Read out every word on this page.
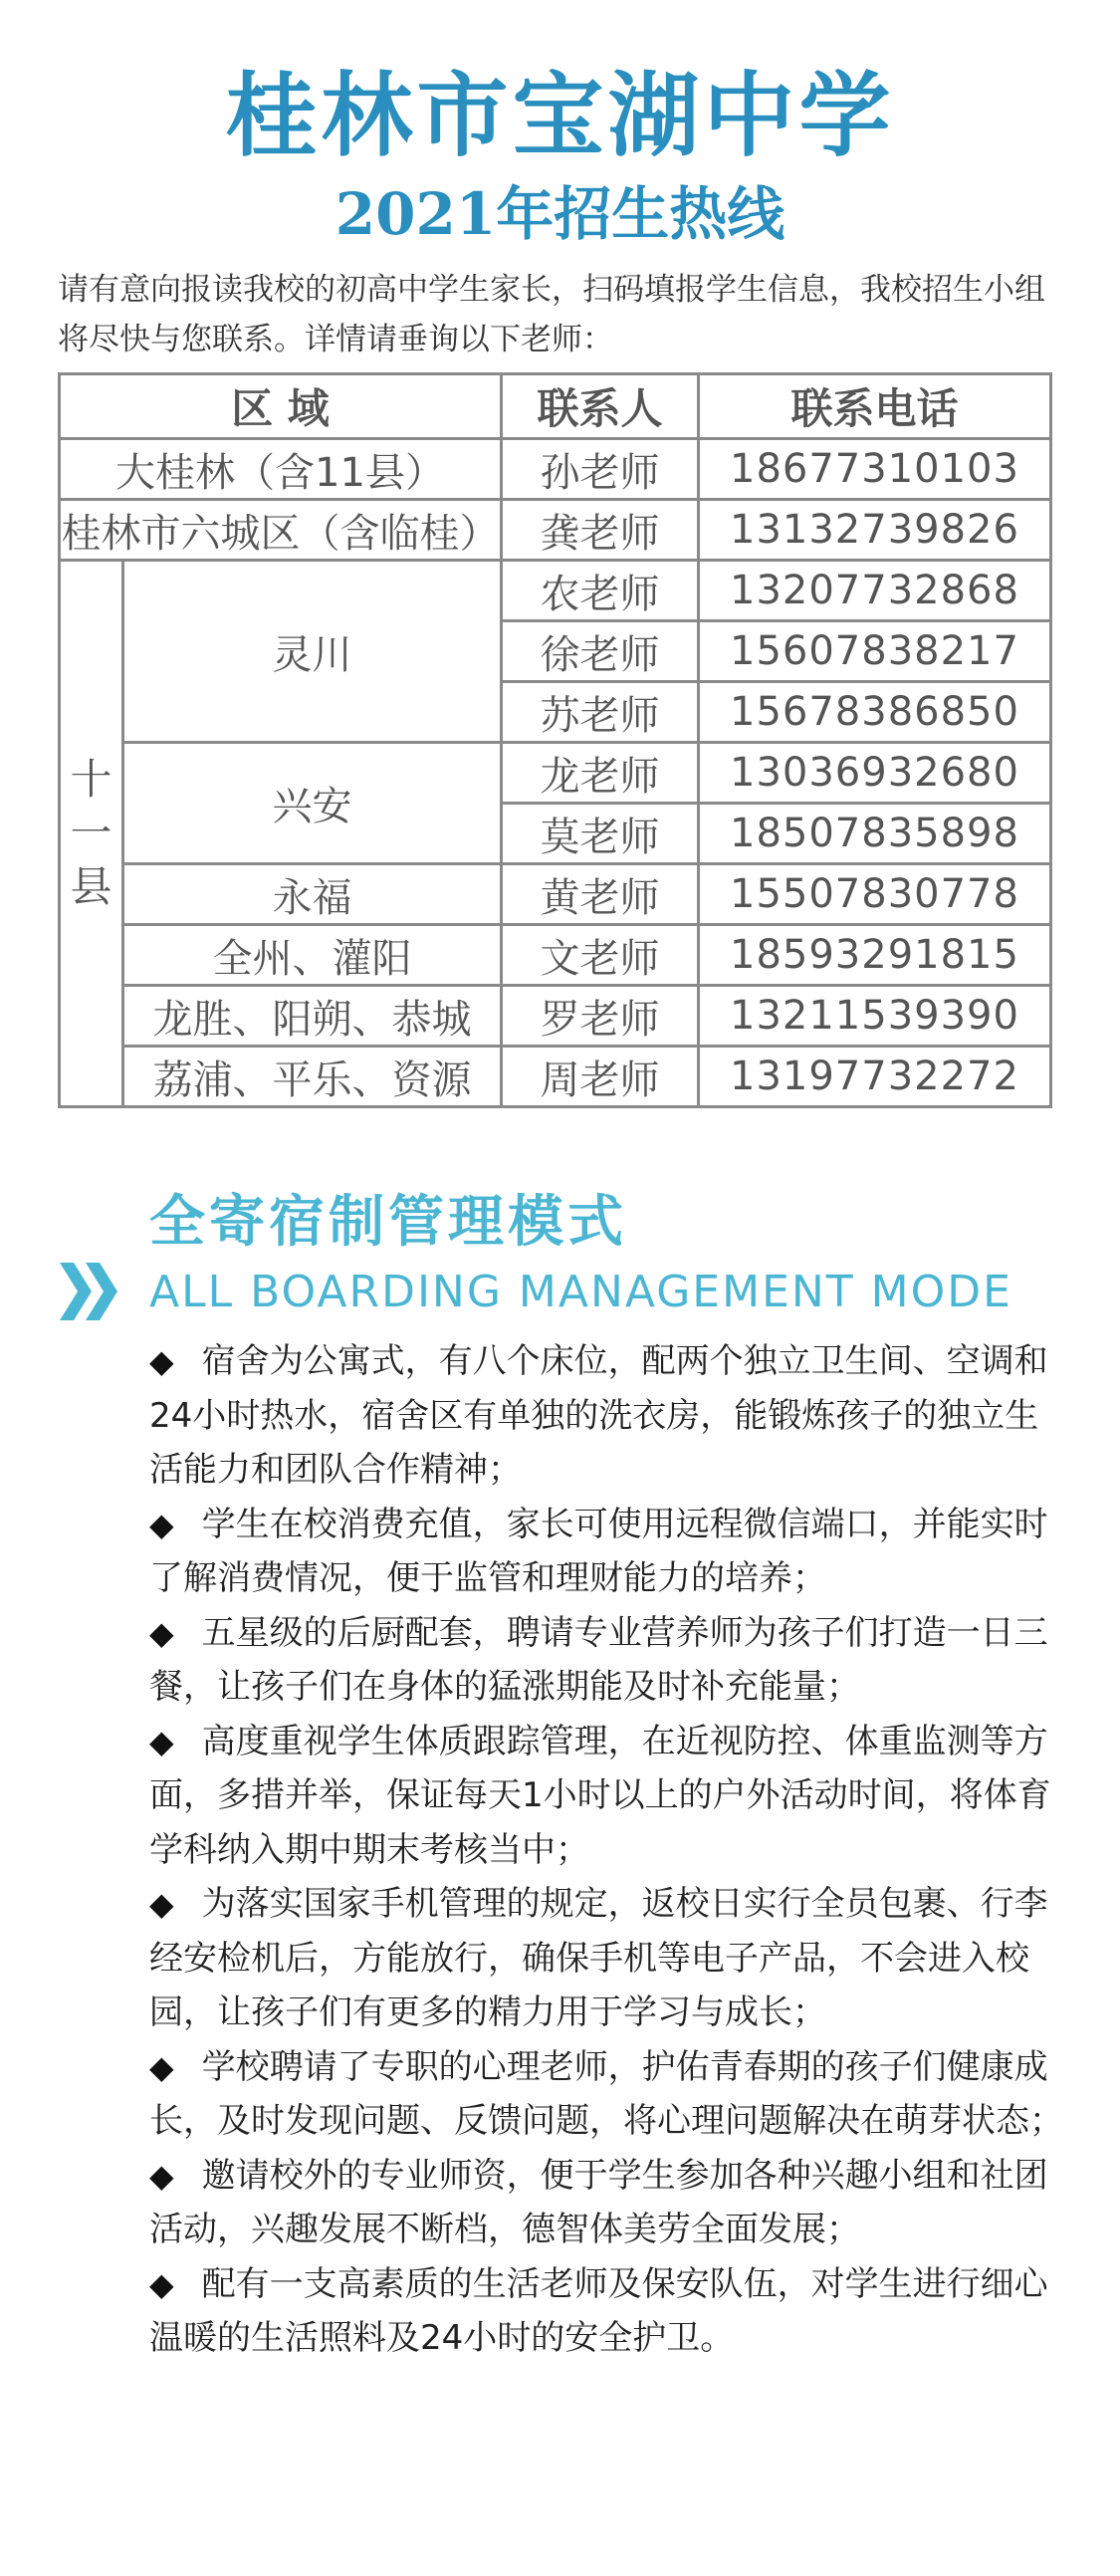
桂林市宝湖中学
2021年招生热线

请有意向报读我校的初高中学生家长，扫码填报学生信息，我校招生小组将尽快与您联系。详情请垂询以下老师：

区 域		联系人	联系电话
大桂林（含11县）		孙老师	18677310103
桂林市六城区（含临桂）		龚老师	13132739826

十
一
县	灵川	农老师	13207732868
		徐老师	15607838217
		苏老师	15678386850
	兴安	龙老师	13036932680
		莫老师	18507835898
	永福	黄老师	15507830778
	全州、灌阳	文老师	18593291815
	龙胜、阳朔、恭城	罗老师	13211539390
	荔浦、平乐、资源	周老师	13197732272
全寄宿制管理模式

ALL BOARDING MANAGEMENT MODE

◆ 宿舍为公寓式，有八个床位，配两个独立卫生间、空调和24小时热水，宿舍区有单独的洗衣房，能锻炼孩子的独立生活能力和团队合作精神；
◆ 学生在校消费充值，家长可使用远程微信端口，并能实时了解消费情况，便于监管和理财能力的培养；
◆ 五星级的后厨配套，聘请专业营养师为孩子们打造一日三餐，让孩子们在身体的猛涨期能及时补充能量；
◆ 高度重视学生体质跟踪管理，在近视防控、体重监测等方面，多措并举，保证每天1小时以上的户外活动时间，将体育学科纳入期中期末考核当中；
◆ 为落实国家手机管理的规定，返校日实行全员包裹、行李经安检机后，方能放行，确保手机等电子产品，不会进入校园，让孩子们有更多的精力用于学习与成长；
◆ 学校聘请了专职的心理老师，护佑青春期的孩子们健康成长，及时发现问题、反馈问题，将心理问题解决在萌芽状态；
◆ 邀请校外的专业师资，便于学生参加各种兴趣小组和社团活动，兴趣发展不断档，德智体美劳全面发展；
◆ 配有一支高素质的生活老师及保安队伍，对学生进行细心温暖的生活照料及24小时的安全护卫。
